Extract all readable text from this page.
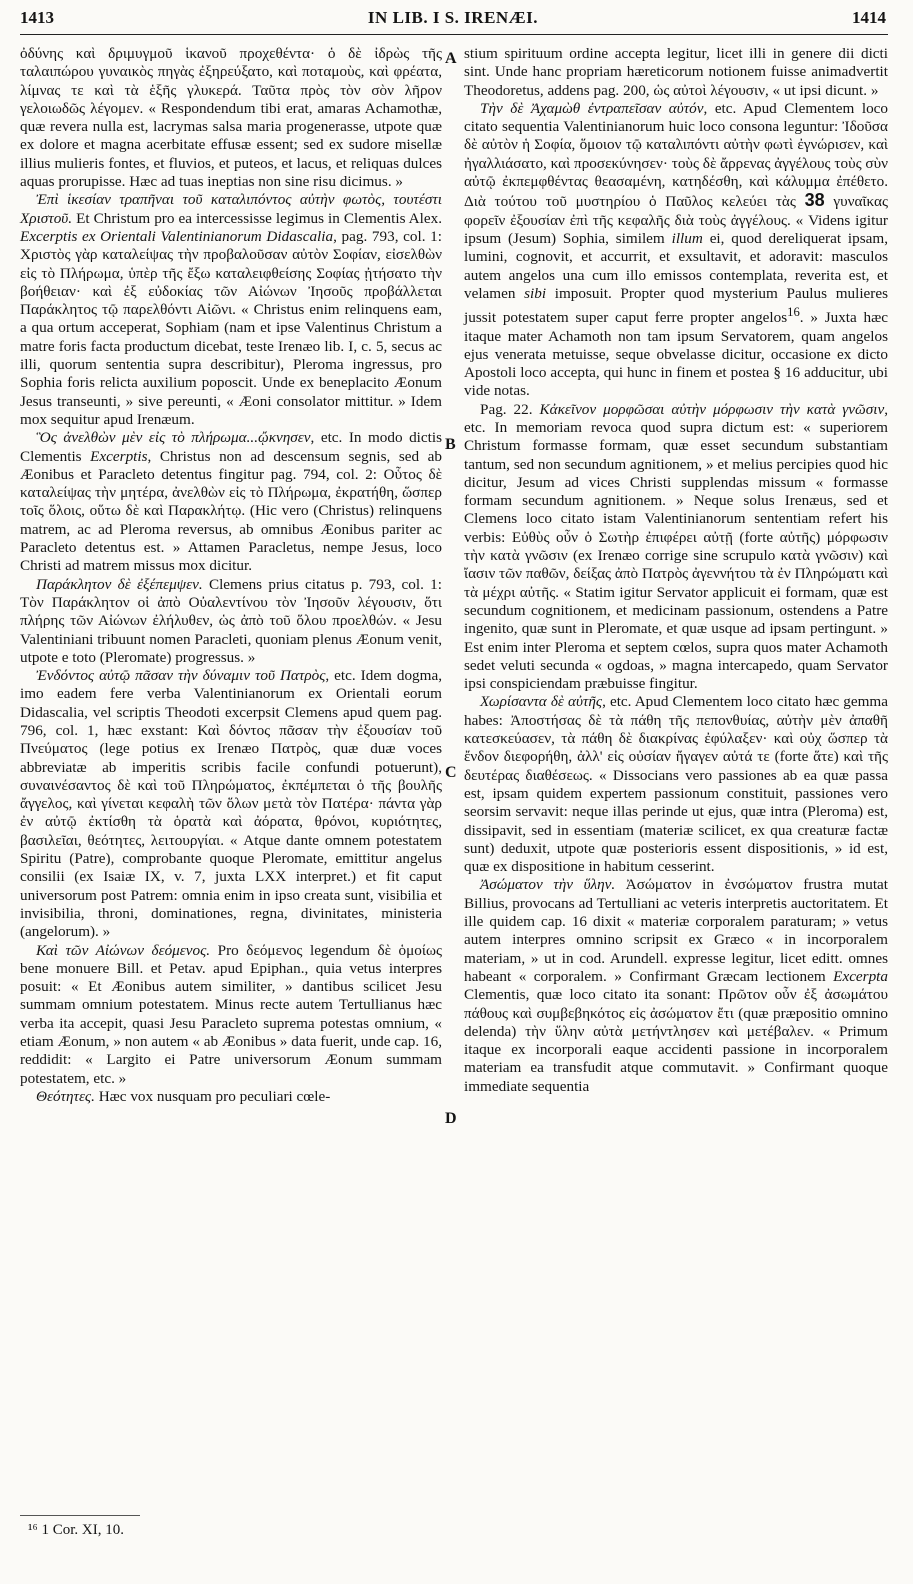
1413	IN LIB. I S. IRENÆI.	1414

ὀδύνης καὶ δριμυγμοῦ ἱκανοῦ προχεθέντα· ὁ δὲ ἰδρὼς τῆς ταλαιπώρου γυναικὸς πηγὰς ἐξηρεύξατο, καὶ ποταμοὺς, καὶ φρέατα, λίμνας τε καὶ τὰ ἑξῆς γλυκερά. Ταῦτα πρὸς τὸν σὸν λῆρον γελοιωδῶς λέγομεν. « Respondendum tibi erat, amaras Achamothæ, quæ revera nulla est, lacrymas salsa maria progenerasse, utpote quæ ex dolore et magna acerbitate effusæ essent; sed ex sudore misellæ illius mulieris fontes, et fluvios, et puteos, et lacus, et reliquas dulces aquas prorupisse. Hæc ad tuas ineptias non sine risu dicimus. »

Ἐπὶ ἱκεσίαν τραπῆναι τοῦ καταλιπόντος αὐτὴν φωτὸς, τουτέστι Χριστοῦ. Et Christum pro ea intercessisse legimus in Clementis Alex. Excerptis ex Orientali Valentinianorum Didascalia, pag. 793, col. 1: Χριστὸς γὰρ καταλείψας τὴν προβαλοῦσαν αὐτὸν Σοφίαν, εἰσελθὼν εἰς τὸ Πλήρωμα, ὑπὲρ τῆς ἔξω καταλειφθείσης Σοφίας ᾐτήσατο τὴν βοήθειαν· καὶ ἐξ εὐδοκίας τῶν Αἰώνων Ἰησοῦς προβάλλεται Παράκλητος τῷ παρελθόντι Αἰῶνι. « Christus enim relinquens eam, a qua ortum acceperat, Sophiam (nam et ipse Valentinus Christum a matre foris facta productum dicebat, teste Irenæo lib. I, c. 5, secus ac illi, quorum sententia supra describitur), Pleroma ingressus, pro Sophia foris relicta auxilium poposcit. Unde ex beneplacito Æonum Jesus transeunti, » sive pereunti, « Æoni consolator mittitur. » Idem mox sequitur apud Irenæum.

Ὃς ἀνελθὼν μὲν εἰς τὸ πλήρωμα...ᾤκνησεν, etc. In modo dictis Clementis Excerptis, Christus non ad descensum segnis, sed ab Æonibus et Paracleto detentus fingitur pag. 794, col. 2: Οὗτος δὲ καταλείψας τὴν μητέρα, ἀνελθὼν εἰς τὸ Πλήρωμα, ἐκρατήθη, ὥσπερ τοῖς ὅλοις, οὕτω δὲ καὶ Παρακλήτῳ. (Hic vero (Christus) relinquens matrem, ac ad Pleroma reversus, ab omnibus Æonibus pariter ac Paracleto detentus est. » Attamen Paracletus, nempe Jesus, loco Christi ad matrem missus mox dicitur.

Παράκλητον δὲ ἐξέπεμψεν. Clemens prius citatus p. 793, col. 1: Τὸν Παράκλητον οἱ ἀπὸ Οὐαλεντίνου τὸν Ἰησοῦν λέγουσιν, ὅτι πλήρης τῶν Αἰώνων ἐλήλυθεν, ὡς ἀπὸ τοῦ ὅλου προελθών. « Jesu Valentiniani tribuunt nomen Paracleti, quoniam plenus Æonum venit, utpote e toto (Pleromate) progressus. »

Ἐνδόντος αὐτῷ πᾶσαν τὴν δύναμιν τοῦ Πατρὸς, etc. Idem dogma, imo eadem fere verba Valentinianorum ex Orientali eorum Didascalia, vel scriptis Theodoti excerpsit Clemens apud quem pag. 796, col. 1, hæc exstant: Καὶ δόντος πᾶσαν τὴν ἐξουσίαν τοῦ Πνεύματος (lege potius ex Irenæo Πατρὸς, quæ duæ voces abbreviatæ ab imperitis scribis facile confundi potuerunt), συναινέσαντος δὲ καὶ τοῦ Πληρώματος, ἐκπέμπεται ὁ τῆς βουλῆς ἄγγελος, καὶ γίνεται κεφαλὴ τῶν ὅλων μετὰ τὸν Πατέρα· πάντα γὰρ ἐν αὐτῷ ἐκτίσθη τὰ ὁρατὰ καὶ ἀόρατα, θρόνοι, κυριότητες, βασιλεῖαι, θεότητες, λειτουργίαι. « Atque dante omnem potestatem Spiritu (Patre), comprobante quoque Pleromate, emittitur angelus consilii (ex Isaiæ IX, v. 7, juxta LXX interpret.) et fit caput universorum post Patrem: omnia enim in ipso creata sunt, visibilia et invisibilia, throni, dominationes, regna, divinitates, ministeria (angelorum). »

Καὶ τῶν Αἰώνων δεόμενος. Pro δεόμενος legendum δὲ ὁμοίως bene monuere Bill. et Petav. apud Epiphan., quia vetus interpres posuit: « Et Æonibus autem similiter, » dantibus scilicet Jesu summam omnium potestatem. Minus recte autem Tertullianus hæc verba ita accepit, quasi Jesu Paracleto suprema potestas omnium, « etiam Æonum, » non autem « ab Æonibus » data fuerit, unde cap. 16, reddidit: « Largito ei Patre universorum Æonum summam potestatem, etc. »

Θεότητες. Hæc vox nusquam pro peculiari cœle-

stium spirituum ordine accepta legitur, licet illi in genere dii dicti sint. Unde hanc propriam hæreticorum notionem fuisse animadvertit Theodoretus, addens pag. 200, ὡς αὐτοὶ λέγουσιν, « ut ipsi dicunt. »

Τὴν δὲ Ἀχαμὼθ ἐντραπεῖσαν αὐτόν, etc. Apud Clementem loco citato sequentia Valentinianorum huic loco consona leguntur: Ἰδοῦσα δὲ αὐτὸν ἡ Σοφία, ὅμοιον τῷ καταλιπόντι αὐτὴν φωτὶ ἐγνώρισεν, καὶ ἠγαλλιάσατο, καὶ προσεκύνησεν· τοὺς δὲ ἄρρενας ἀγγέλους τοὺς σὺν αὐτῷ ἐκπεμφθέντας θεασαμένη, κατηδέσθη, καὶ κάλυμμα ἐπέθετο. Διὰ τούτου τοῦ μυστηρίου ὁ Παῦλος κελεύει τὰς 38 γυναῖκας φορεῖν ἐξουσίαν ἐπὶ τῆς κεφαλῆς διὰ τοὺς ἀγγέλους. « Videns igitur ipsum (Jesum) Sophia, similem illum ei, quod dereliquerat ipsam, lumini, cognovit, et accurrit, et exsultavit, et adoravit: masculos autem angelos una cum illo emissos contemplata, reverita est, et velamen sibi imposuit. Propter quod mysterium Paulus mulieres jussit potestatem super caput ferre propter angelos$^{16}$. » Juxta hæc itaque mater Achamoth non tam ipsum Servatorem, quam angelos ejus venerata metuisse, seque obvelasse dicitur, occasione ex dicto Apostoli loco accepta, qui hunc in finem et postea § 16 adducitur, ubi vide notas.

Pag. 22. Κἀκεῖνον μορφῶσαι αὐτὴν μόρφωσιν τὴν κατὰ γνῶσιν, etc. In memoriam revoca quod supra dictum est: « superiorem Christum formasse formam, quæ esset secundum substantiam tantum, sed non secundum agnitionem, » et melius percipies quod hic dicitur, Jesum ad vices Christi supplendas missum « formasse formam secundum agnitionem. » Neque solus Irenæus, sed et Clemens loco citato istam Valentinianorum sententiam refert his verbis: Εὐθὺς οὖν ὁ Σωτὴρ ἐπιφέρει αὐτῇ (forte αὐτῆς) μόρφωσιν τὴν κατὰ γνῶσιν (ex Irenæo corrige sine scrupulo κατὰ γνῶσιν) καὶ ἴασιν τῶν παθῶν, δείξας ἀπὸ Πατρὸς ἀγεννήτου τὰ ἐν Πληρώματι καὶ τὰ μέχρι αὐτῆς. « Statim igitur Servator applicuit ei formam, quæ est secundum cognitionem, et medicinam passionum, ostendens a Patre ingenito, quæ sunt in Pleromate, et quæ usque ad ipsam pertingunt. » Est enim inter Pleroma et septem cœlos, supra quos mater Achamoth sedet veluti secunda « ogdoas, » magna intercapedo, quam Servator ipsi conspiciendam præbuisse fingitur.

Χωρίσαντα δὲ αὐτῆς, etc. Apud Clementem loco citato hæc gemma habes: Ἀποστήσας δὲ τὰ πάθη τῆς πεπονθυίας, αὐτὴν μὲν ἀπαθῆ κατεσκεύασεν, τὰ πάθη δὲ διακρίνας ἐφύλαξεν· καὶ οὐχ ὥσπερ τὰ ἔνδον διεφορήθη, ἀλλ' εἰς οὐσίαν ἤγαγεν αὐτά τε (forte ἅτε) καὶ τῆς δευτέρας διαθέσεως. « Dissocians vero passiones ab ea quæ passa est, ipsam quidem expertem passionum constituit, passiones vero seorsim servavit: neque illas perinde ut ejus, quæ intra (Pleroma) est, dissipavit, sed in essentiam (materiæ scilicet, ex qua creaturæ factæ sunt) deduxit, utpote quæ posterioris essent dispositionis, » id est, quæ ex dispositione in habitum cesserint.

Ἀσώματον τὴν ὕλην. Ἀσώματον in ἐνσώματον frustra mutat Billius, provocans ad Tertulliani ac veteris interpretis auctoritatem. Et ille quidem cap. 16 dixit « materiæ corporalem paraturam; » vetus autem interpres omnino scripsit ex Græco « in incorporalem materiam, » ut in cod. Arundell. expresse legitur, licet editt. omnes habeant « corporalem. » Confirmant Græcam lectionem Excerpta Clementis, quæ loco citato ita sonant: Πρῶτον οὖν ἐξ ἀσωμάτου πάθους καὶ συμβεβηκότος εἰς ἀσώματον ἔτι (quæ præpositio omnino delenda) τὴν ὕλην αὐτὰ μετήντλησεν καὶ μετέβαλεν. « Primum itaque ex incorporali eaque accidenti passione in incorporalem materiam ea transfudit atque commutavit. » Confirmant quoque immediate sequentia

A
B
C
D
¹⁶ 1 Cor. XI, 10.
